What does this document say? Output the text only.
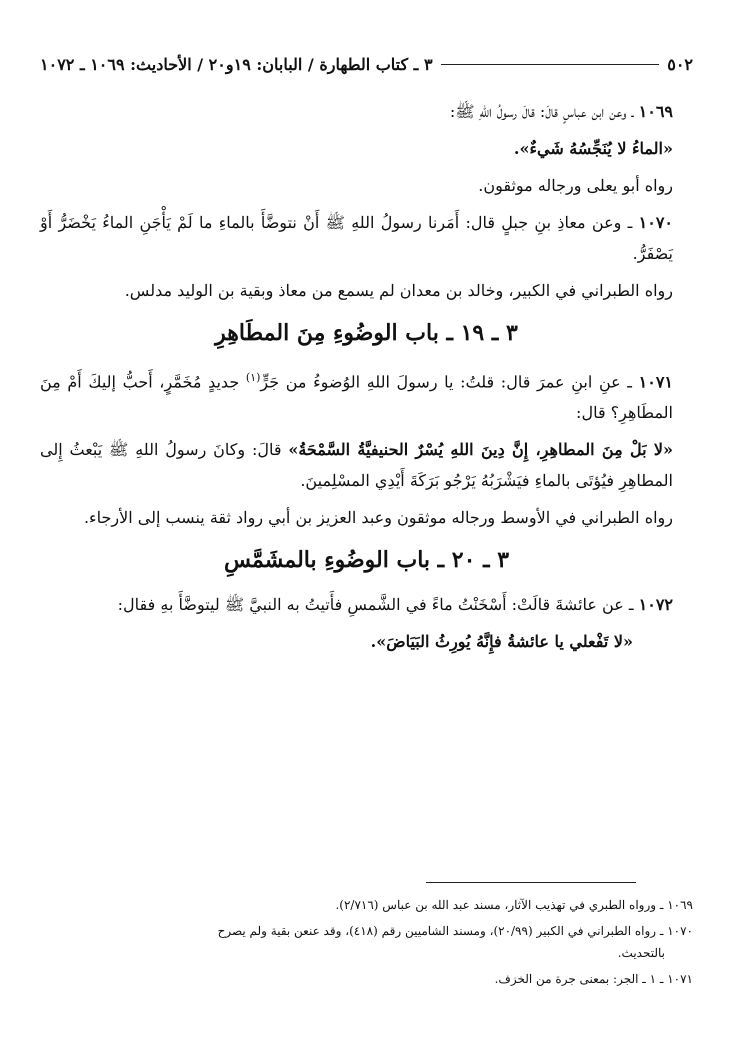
٥٠٢
٣ ـ كتاب الطهارة / البابان: ١٩و٢٠ / الأحاديث: ١٠٦٩ ـ ١٠٧٢

١٠٦٩ ـ وعن ابن عباسٍ قالَ: قالَ رسولُ اللهِ ﷺ:

«الماءُ لا يُنَجِّسُهُ شَيءٌ».

رواه أبو يعلى ورجاله موثقون.

١٠٧٠ ـ وعن معاذِ بنِ جبلٍ قال: أَمَرنا رسولُ اللهِ ﷺ أَنْ نتوضَّأَ بالماءِ ما لَمْ يَأْجَنِ الماءُ يَخْضَرُّ أَوْ يَصْفَرُّ.

رواه الطبراني في الكبير، وخالد بن معدان لم يسمع من معاذ وبقية بن الوليد مدلس.

٣ ـ ١٩ ـ باب الوضُوءِ مِنَ المطَاهِرِ

١٠٧١ ـ عنِ ابنِ عمرَ قال: قلتُ: يا رسولَ اللهِ الوُضوءُ من جَرٍّ$^{(١)}$ جديدٍ مُخَمَّرٍ، أَحبُّ إليكَ أَمْ مِنَ المطَاهِرِ؟ قال:

«لا بَلْ مِنَ المطاهِرِ، إِنَّ دِينَ اللهِ يُسْرٌ الحنيفيَّةُ السَّمْحَةُ» قالَ: وكانَ رسولُ اللهِ ﷺ يَبْعثُ إِلى المطاهِرِ فيُؤتَى بالماءِ فيَشْرَبُهُ يَرْجُو بَرَكَةَ أَيْدِي المسْلِمينَ.

رواه الطبراني في الأوسط ورجاله موثقون وعبد العزيز بن أبي رواد ثقة ينسب إلى الأرجاء.

٣ ـ ٢٠ ـ باب الوضُوءِ بالمشَمَّسِ

١٠٧٢ ـ عن عائشةَ قالَتْ: أَسْخَنْتُ ماءً في الشَّمسِ فأَتيتُ به النبيَّ ﷺ ليتوضَّأَ بهِ فقال:

«لا تَفْعلي يا عائشةُ فإِنَّهُ يُورِثُ البَيَاضَ».

١٠٦٩ ـ ورواه الطبري في تهذيب الآثار، مسند عبد الله بن عباس (٢/٧١٦).

١٠٧٠ ـ رواه الطبراني في الكبير (٢٠/٩٩)، ومسند الشاميين رقم (٤١٨)، وقد عنعن بقية ولم يصرح

بالتحديث.

١٠٧١ ـ ١ ـ الجر: بمعنى جرة من الخزف.
